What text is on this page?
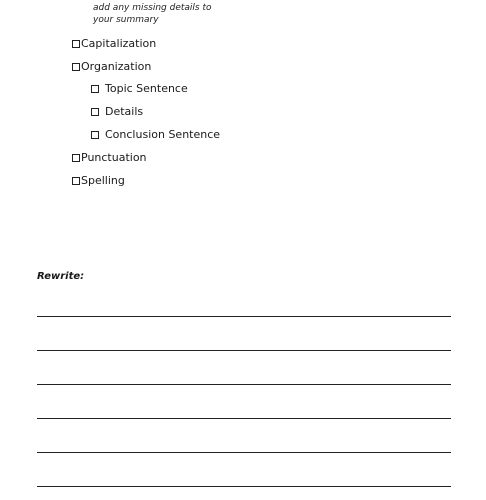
add any missing details to
your summary
Capitalization
Organization
Topic Sentence
Details
Conclusion Sentence
Punctuation
Spelling
Rewrite:
